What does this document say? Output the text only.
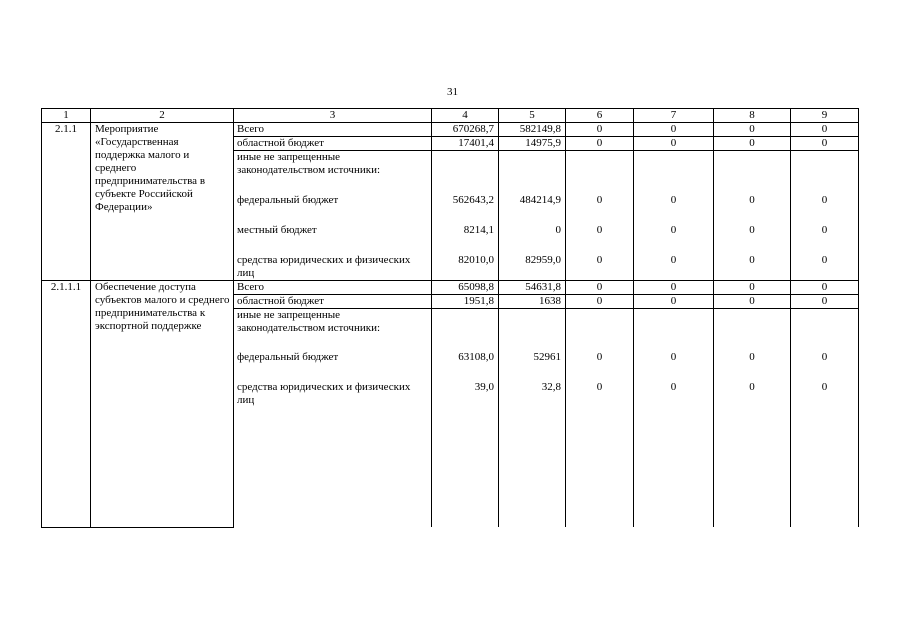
31
1	2	3	4	5	6	7	8	9
2.1.1	Мероприятие «Государственная поддержка малого и среднего предпринимательства в субъекте Российской Федерации»	Всего	670268,7	582149,8	0	0	0	0
		областной бюджет	17401,4	14975,9	0	0	0	0
		иные не запрещенные законодательством источники:						
		федеральный бюджет	562643,2	484214,9	0	0	0	0
		местный бюджет	8214,1	0	0	0	0	0
		средства юридических и физических лиц	82010,0	82959,0	0	0	0	0
2.1.1.1	Обеспечение доступа субъектов малого и среднего предпринимательства к экспортной поддержке	Всего	65098,8	54631,8	0	0	0	0
		областной бюджет	1951,8	1638	0	0	0	0
		иные не запрещенные законодательством источники:						
		федеральный бюджет	63108,0	52961	0	0	0	0
		средства юридических и физических лиц	39,0	32,8	0	0	0	0
